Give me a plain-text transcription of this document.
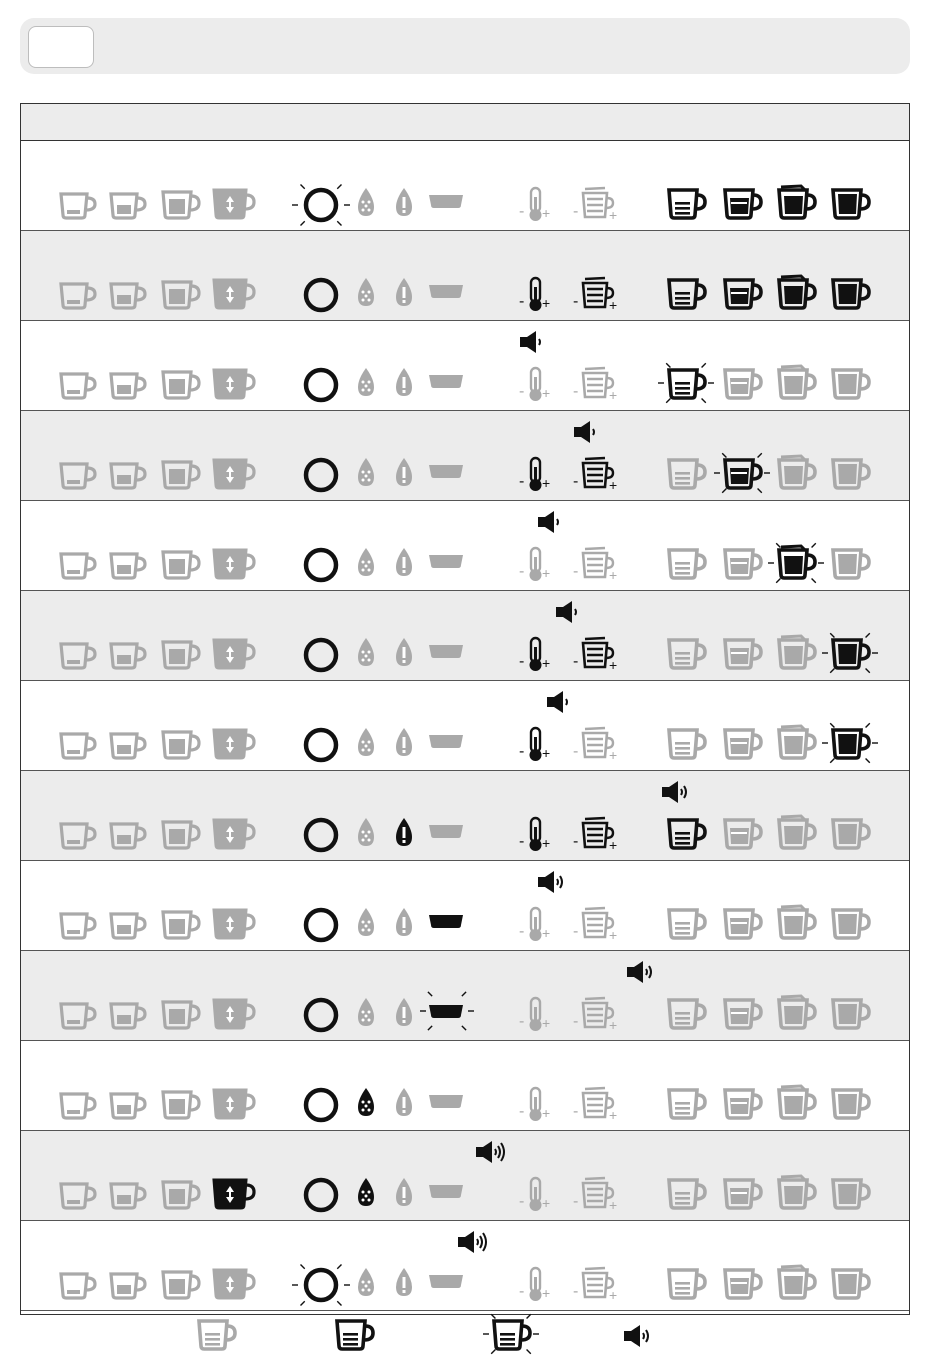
- + - +
- + - +
- + - +
- + - +
- + - +
- + - +
- + - +
- + - +
- + - +
- + - +
- + - +
- + - +
- + - +
